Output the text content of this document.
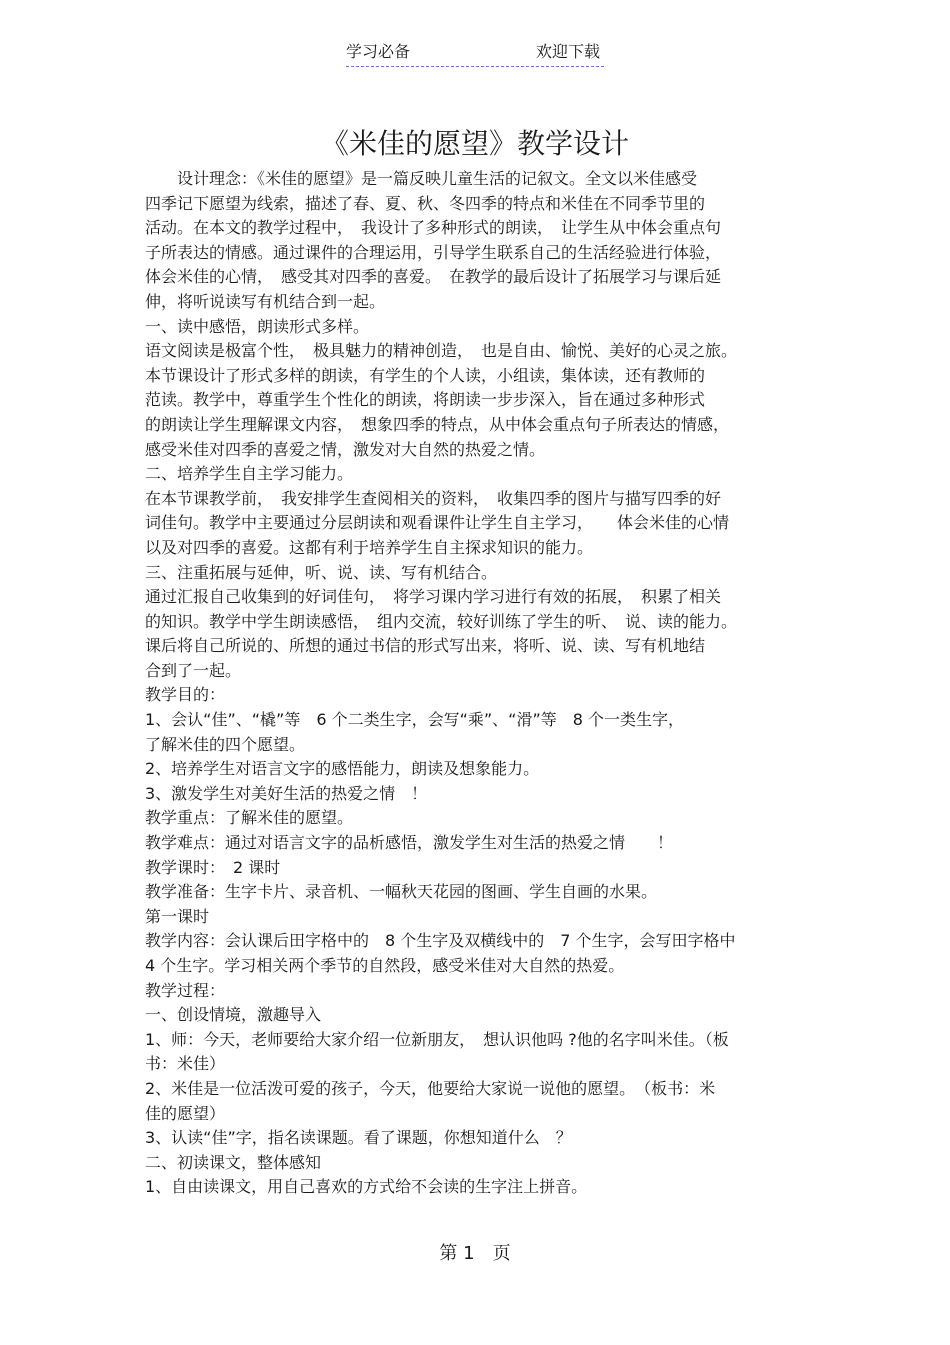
学习必备	欢迎下载
《米佳的愿望》教学设计
　　设计理念：《米佳的愿望》是一篇反映儿童生活的记叙文。全文以米佳感受
四季记下愿望为线索，描述了春、夏、秋、冬四季的特点和米佳在不同季节里的
活动。在本文的教学过程中，　我设计了多种形式的朗读，　让学生从中体会重点句
子所表达的情感。通过课件的合理运用，引导学生联系自己的生活经验进行体验，
体会米佳的心情，　感受其对四季的喜爱。　在教学的最后设计了拓展学习与课后延
伸，将听说读写有机结合到一起。
一、读中感悟，朗读形式多样。
语文阅读是极富个性，　极具魅力的精神创造，　也是自由、愉悦、美好的心灵之旅。
本节课设计了形式多样的朗读，有学生的个人读，小组读，集体读，还有教师的
范读。教学中，尊重学生个性化的朗读，将朗读一步步深入，旨在通过多种形式
的朗读让学生理解课文内容，　想象四季的特点，从中体会重点句子所表达的情感，
感受米佳对四季的喜爱之情，激发对大自然的热爱之情。
二、培养学生自主学习能力。
在本节课教学前，　我安排学生查阅相关的资料，　收集四季的图片与描写四季的好
词佳句。教学中主要通过分层朗读和观看课件让学生自主学习，　　体会米佳的心情
以及对四季的喜爱。这都有利于培养学生自主探求知识的能力。
三、注重拓展与延伸，听、说、读、写有机结合。
通过汇报自己收集到的好词佳句，　将学习课内学习进行有效的拓展，　积累了相关
的知识。教学中学生朗读感悟，　组内交流，较好训练了学生的听、　说、读的能力。
课后将自己所说的、所想的通过书信的形式写出来，将听、说、读、写有机地结
合到了一起。
教学目的：
1、会认“佳”、“橇”等　6 个二类生字，会写“乘”、“滑”等　8 个一类生字，
了解米佳的四个愿望。
2、培养学生对语言文字的感悟能力，朗读及想象能力。
3、激发学生对美好生活的热爱之情　！
教学重点：了解米佳的愿望。
教学难点：通过对语言文字的品析感悟，激发学生对生活的热爱之情　　！
教学课时：　2 课时
教学准备：生字卡片、录音机、一幅秋天花园的图画、学生自画的水果。
第一课时
教学内容：会认课后田字格中的　8 个生字及双横线中的　7 个生字，会写田字格中
4 个生字。学习相关两个季节的自然段，感受米佳对大自然的热爱。
教学过程：
一、创设情境，激趣导入
1、师：今天，老师要给大家介绍一位新朋友，　想认识他吗 ?他的名字叫米佳。（板
书：米佳）
2、米佳是一位活泼可爱的孩子，今天，他要给大家说一说他的愿望。　（板书：米
佳的愿望）
3、认读“佳”字，指名读课题。看了课题，你想知道什么　？
二、初读课文，整体感知
1、自由读课文，用自己喜欢的方式给不会读的生字注上拼音。
第 1　页
